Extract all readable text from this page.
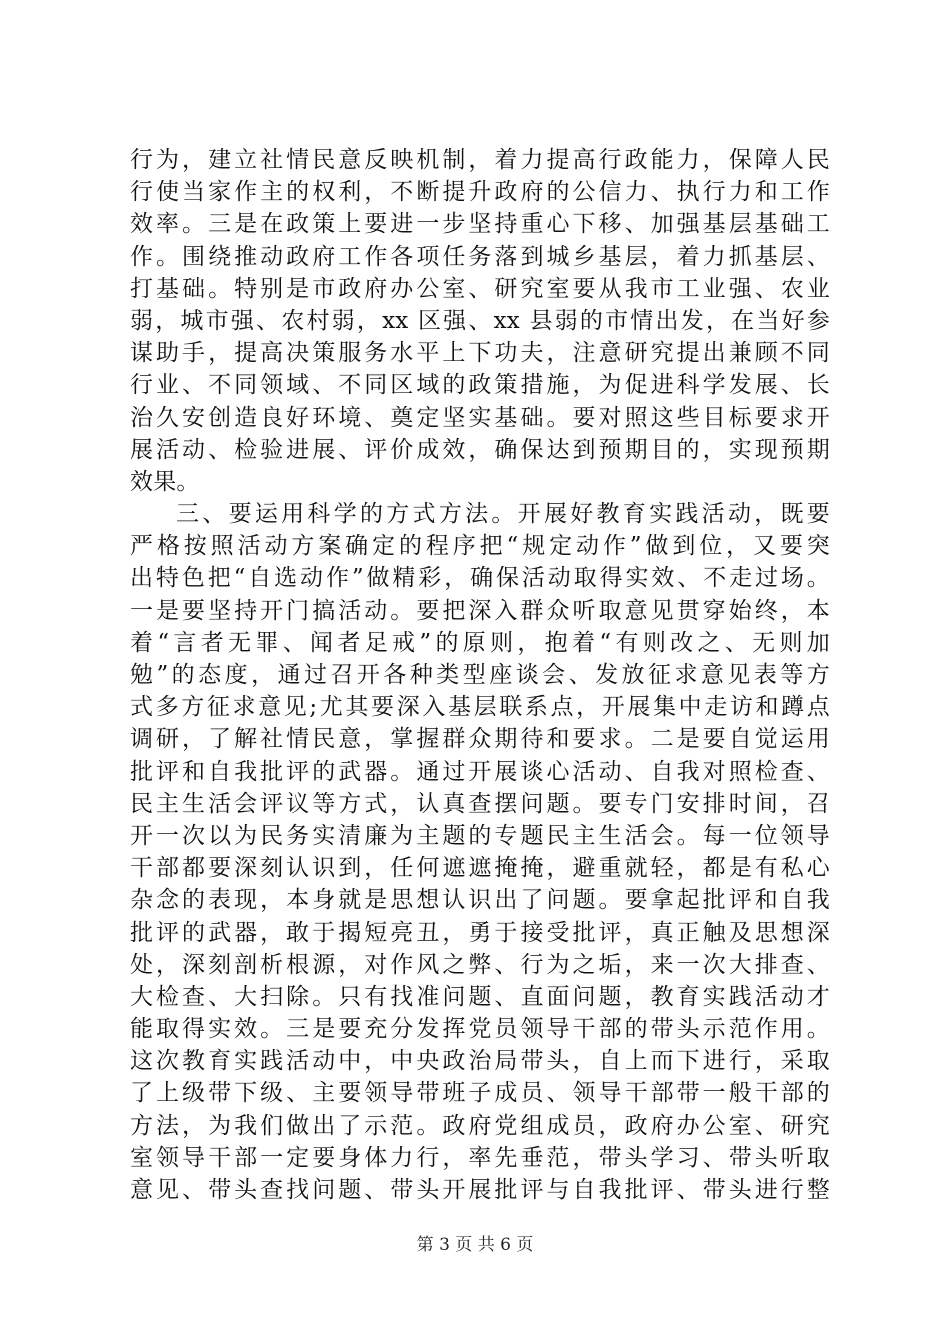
行为，建立社情民意反映机制，着力提高行政能力，保障人民
行使当家作主的权利，不断提升政府的公信力、执行力和工作
效率。三是在政策上要进一步坚持重心下移、加强基层基础工
作。围绕推动政府工作各项任务落到城乡基层，着力抓基层、
打基础。特别是市政府办公室、研究室要从我市工业强、农业
弱，城市强、农村弱，xx 区强、xx 县弱的市情出发，在当好参
谋助手，提高决策服务水平上下功夫，注意研究提出兼顾不同
行业、不同领域、不同区域的政策措施，为促进科学发展、长
治久安创造良好环境、奠定坚实基础。要对照这些目标要求开
展活动、检验进展、评价成效，确保达到预期目的，实现预期
效果。
三、要运用科学的方式方法。开展好教育实践活动，既要
严格按照活动方案确定的程序把“规定动作”做到位，又要突
出特色把“自选动作”做精彩，确保活动取得实效、不走过场。
一是要坚持开门搞活动。要把深入群众听取意见贯穿始终，本
着“言者无罪、闻者足戒”的原则，抱着“有则改之、无则加
勉”的态度，通过召开各种类型座谈会、发放征求意见表等方
式多方征求意见;尤其要深入基层联系点，开展集中走访和蹲点
调研，了解社情民意，掌握群众期待和要求。二是要自觉运用
批评和自我批评的武器。通过开展谈心活动、自我对照检查、
民主生活会评议等方式，认真查摆问题。要专门安排时间，召
开一次以为民务实清廉为主题的专题民主生活会。每一位领导
干部都要深刻认识到，任何遮遮掩掩，避重就轻，都是有私心
杂念的表现，本身就是思想认识出了问题。要拿起批评和自我
批评的武器，敢于揭短亮丑，勇于接受批评，真正触及思想深
处，深刻剖析根源，对作风之弊、行为之垢，来一次大排查、
大检查、大扫除。只有找准问题、直面问题，教育实践活动才
能取得实效。三是要充分发挥党员领导干部的带头示范作用。
这次教育实践活动中，中央政治局带头，自上而下进行，采取
了上级带下级、主要领导带班子成员、领导干部带一般干部的
方法，为我们做出了示范。政府党组成员，政府办公室、研究
室领导干部一定要身体力行，率先垂范，带头学习、带头听取
意见、带头查找问题、带头开展批评与自我批评、带头进行整
第 3 页 共 6 页
